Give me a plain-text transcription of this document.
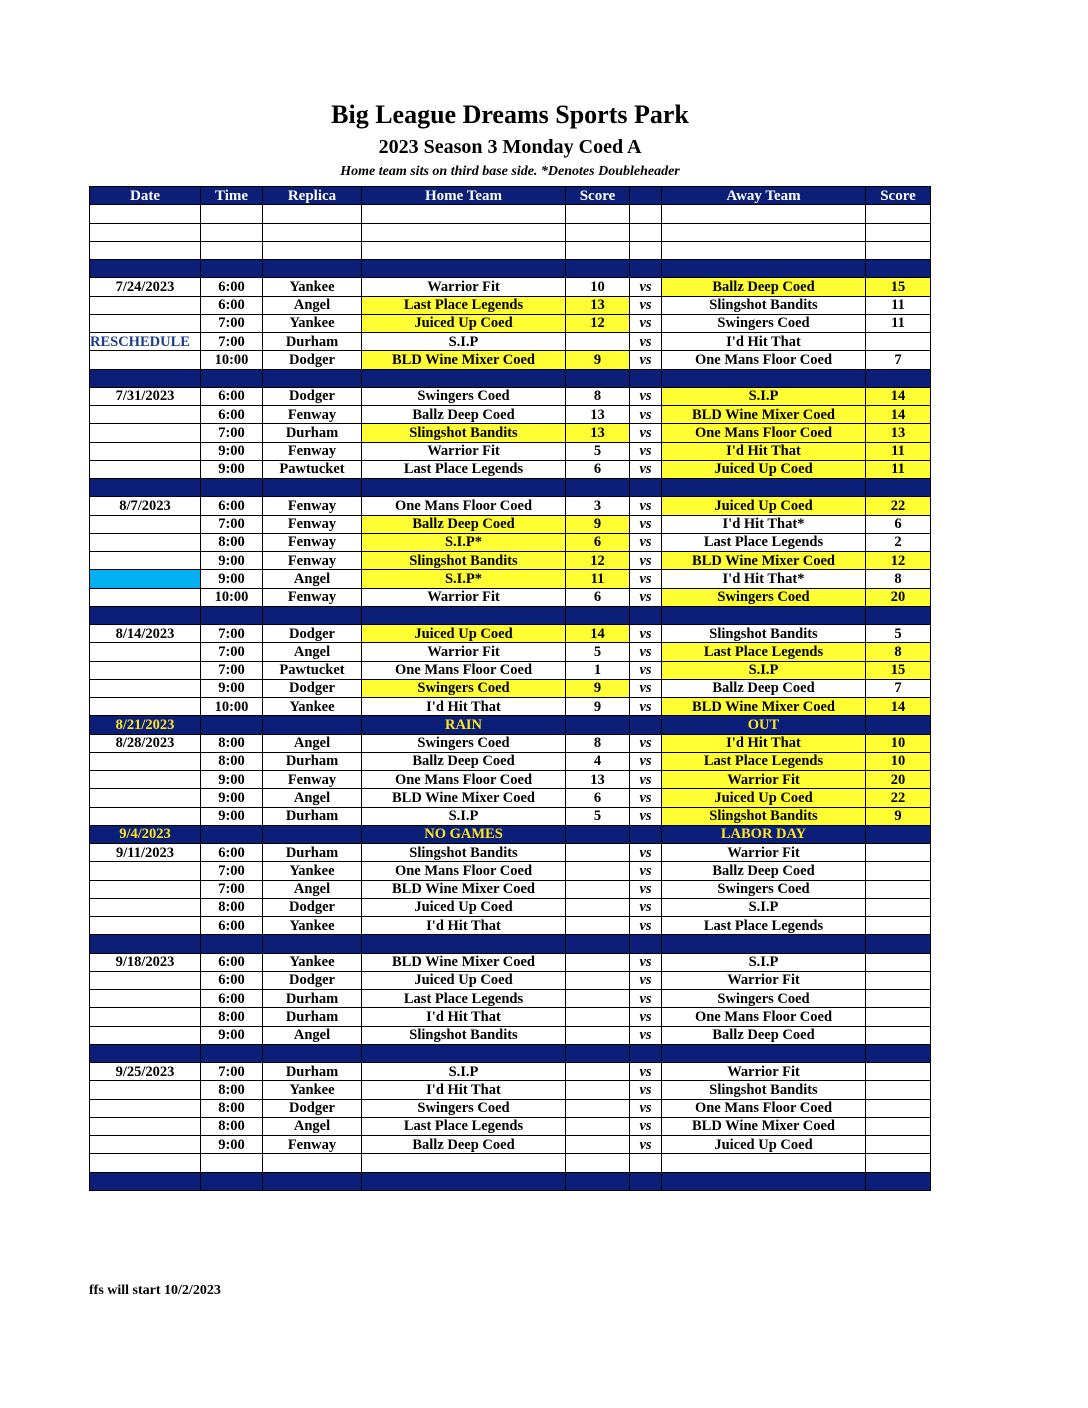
Big League Dreams Sports Park
2023 Season 3 Monday Coed A
Home team sits on third base side. *Denotes Doubleheader
Date	Time	Replica	Home Team	Score		Away Team	Score

7/24/2023	6:00	Yankee	Warrior Fit	10	vs	Ballz Deep Coed	15
	6:00	Angel	Last Place Legends	13	vs	Slingshot Bandits	11
	7:00	Yankee	Juiced Up Coed	12	vs	Swingers Coed	11
RESCHEDULE	7:00	Durham	S.I.P		vs	I'd Hit That	
	10:00	Dodger	BLD Wine Mixer Coed	9	vs	One Mans Floor Coed	7

7/31/2023	6:00	Dodger	Swingers Coed	8	vs	S.I.P	14
	6:00	Fenway	Ballz Deep Coed	13	vs	BLD Wine Mixer Coed	14
	7:00	Durham	Slingshot Bandits	13	vs	One Mans Floor Coed	13
	9:00	Fenway	Warrior Fit	5	vs	I'd Hit That	11
	9:00	Pawtucket	Last Place Legends	6	vs	Juiced Up Coed	11

8/7/2023	6:00	Fenway	One Mans Floor Coed	3	vs	Juiced Up Coed	22
	7:00	Fenway	Ballz Deep Coed	9	vs	I'd Hit That*	6
	8:00	Fenway	S.I.P*	6	vs	Last Place Legends	2
	9:00	Fenway	Slingshot Bandits	12	vs	BLD Wine Mixer Coed	12
	9:00	Angel	S.I.P*	11	vs	I'd Hit That*	8
	10:00	Fenway	Warrior Fit	6	vs	Swingers Coed	20

8/14/2023	7:00	Dodger	Juiced Up Coed	14	vs	Slingshot Bandits	5
	7:00	Angel	Warrior Fit	5	vs	Last Place Legends	8
	7:00	Pawtucket	One Mans Floor Coed	1	vs	S.I.P	15
	9:00	Dodger	Swingers Coed	9	vs	Ballz Deep Coed	7
	10:00	Yankee	I'd Hit That	9	vs	BLD Wine Mixer Coed	14
8/21/2023			RAIN			OUT	
8/28/2023	8:00	Angel	Swingers Coed	8	vs	I'd Hit That	10
	8:00	Durham	Ballz Deep Coed	4	vs	Last Place Legends	10
	9:00	Fenway	One Mans Floor Coed	13	vs	Warrior Fit	20
	9:00	Angel	BLD Wine Mixer Coed	6	vs	Juiced Up Coed	22
	9:00	Durham	S.I.P	5	vs	Slingshot Bandits	9
9/4/2023			NO GAMES			LABOR DAY	
9/11/2023	6:00	Durham	Slingshot Bandits		vs	Warrior Fit	
	7:00	Yankee	One Mans Floor Coed		vs	Ballz Deep Coed	
	7:00	Angel	BLD Wine Mixer Coed		vs	Swingers Coed	
	8:00	Dodger	Juiced Up Coed		vs	S.I.P	
	6:00	Yankee	I'd Hit That		vs	Last Place Legends	

9/18/2023	6:00	Yankee	BLD Wine Mixer Coed		vs	S.I.P	
	6:00	Dodger	Juiced Up Coed		vs	Warrior Fit	
	6:00	Durham	Last Place Legends		vs	Swingers Coed	
	8:00	Durham	I'd Hit That		vs	One Mans Floor Coed	
	9:00	Angel	Slingshot Bandits		vs	Ballz Deep Coed	

9/25/2023	7:00	Durham	S.I.P		vs	Warrior Fit	
	8:00	Yankee	I'd Hit That		vs	Slingshot Bandits	
	8:00	Dodger	Swingers Coed		vs	One Mans Floor Coed	
	8:00	Angel	Last Place Legends		vs	BLD Wine Mixer Coed	
	9:00	Fenway	Ballz Deep Coed		vs	Juiced Up Coed	

ffs will start 10/2/2023
